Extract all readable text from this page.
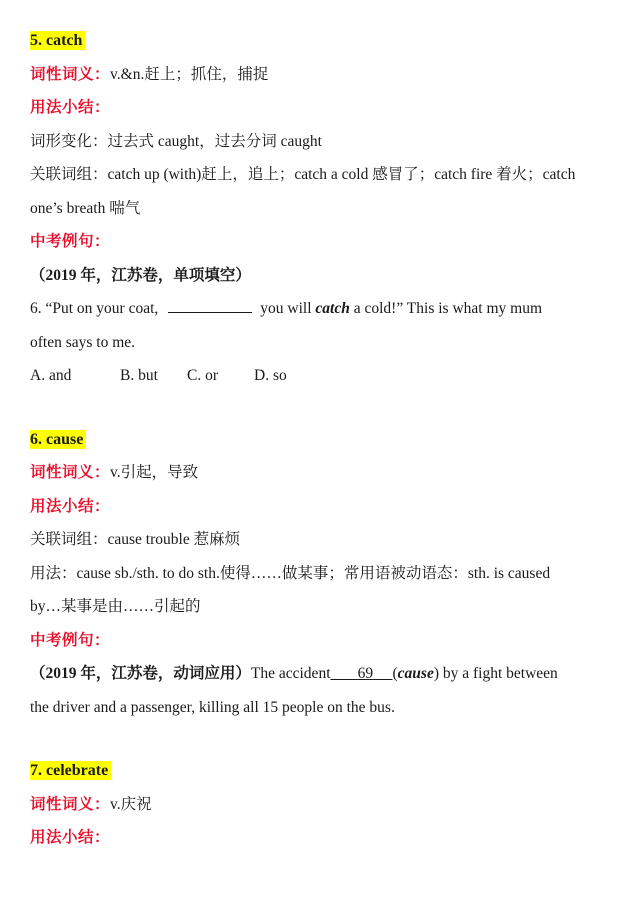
5. catch
词性词义：v.&n.赶上；抓住，捕捉
用法小结：
词形变化：过去式 caught，过去分词 caught
关联词组：catch up (with)赶上，追上；catch a cold 感冒了；catch fire 着火；catch
one’s breath 喘气
中考例句：
（2019 年，江苏卷，单项填空）
6. “Put on your coat,	you will catch a cold!” This is what my mum
often says to me.
A. and	B. but C. or D. so
6. cause
词性词义：v.引起，导致
用法小结：
关联词组：cause trouble 惹麻烦
用法：cause sb./sth. to do sth.使得……做某事；常用语被动语态：sth. is caused
by…某事是由……引起的
中考例句：
（2019 年，江苏卷，动词应用）The accident 69 (cause) by a fight between
the driver and a passenger, killing all 15 people on the bus.
7. celebrate
词性词义：v.庆祝
用法小结：
